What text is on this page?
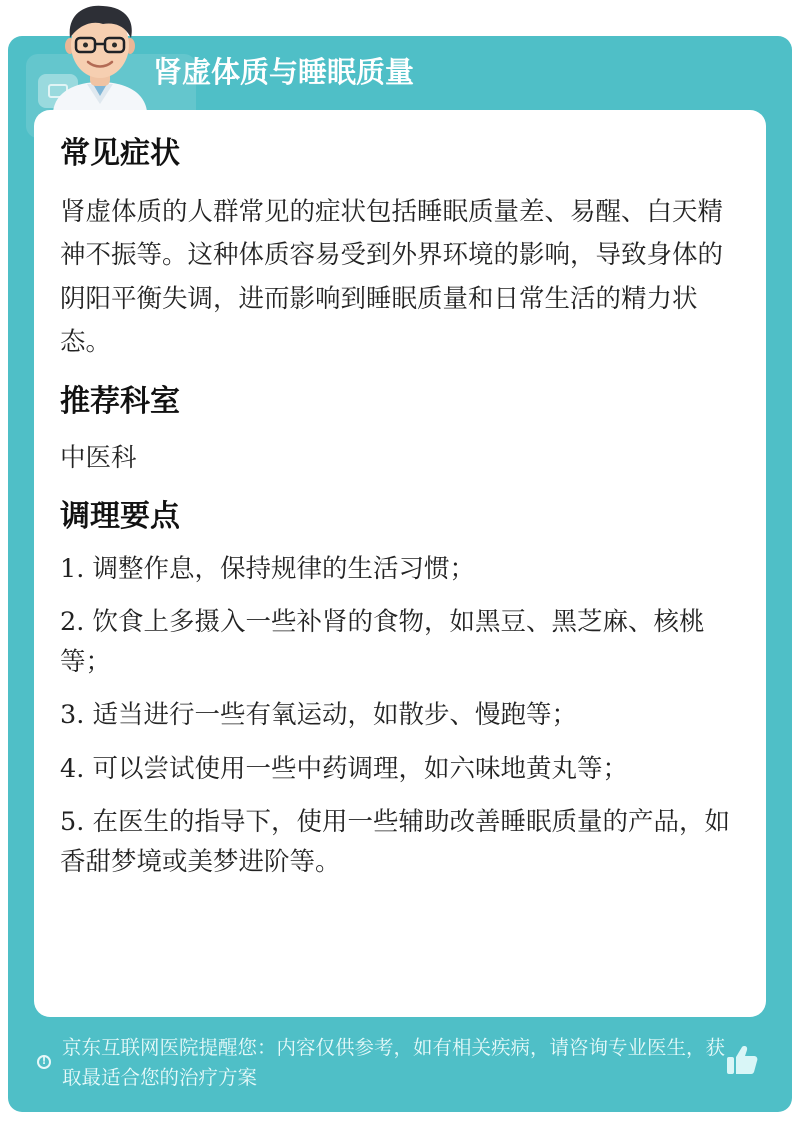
肾虚体质与睡眠质量
常见症状

肾虚体质的人群常见的症状包括睡眠质量差、易醒、白天精神不振等。这种体质容易受到外界环境的影响，导致身体的阴阳平衡失调，进而影响到睡眠质量和日常生活的精力状态。

推荐科室

中医科

调理要点
1. 调整作息，保持规律的生活习惯；
2. 饮食上多摄入一些补肾的食物，如黑豆、黑芝麻、核桃等；
3. 适当进行一些有氧运动，如散步、慢跑等；
4. 可以尝试使用一些中药调理，如六味地黄丸等；
5. 在医生的指导下，使用一些辅助改善睡眠质量的产品，如香甜梦境或美梦进阶等。
!
京东互联网医院提醒您：内容仅供参考，如有相关疾病，请咨询专业医生，获取最适合您的治疗方案
